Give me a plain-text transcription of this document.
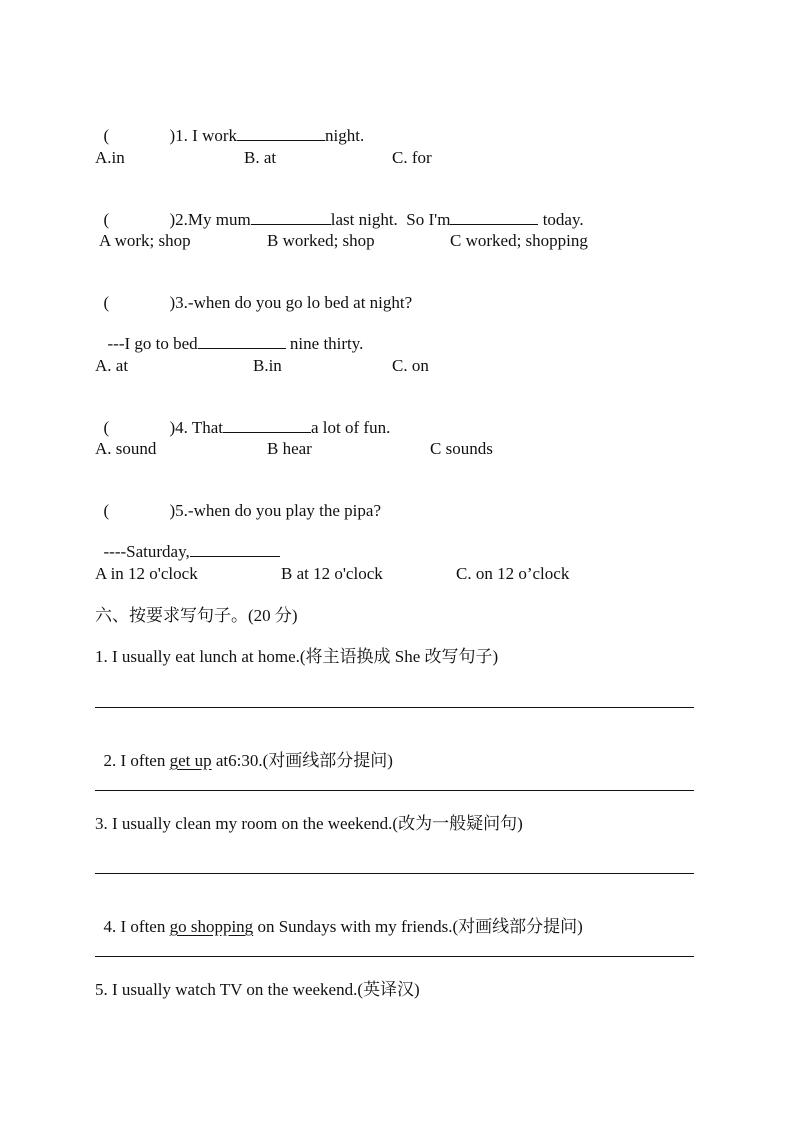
(	)1. I work	night.

A.in	B. at	C. for

(	)2.My mum	last night.  So I'm	today.

A work; shop	B worked; shop	C worked; shopping

(	)3.-when do you go lo bed at night?

---I go to bed	nine thirty.

A. at	B.in	C. on

(	)4. That	a lot of fun.

A. sound	B hear	C sounds

(	)5.-when do you play the pipa?

----Saturday,

A in 12 o'clock	B at 12 o'clock	C. on 12 o’clock
六、按要求写句子。(20 分)
1. I usually eat lunch at home.(将主语换成 She 改写句子)

2. I often get up at6:30.(对画线部分提问)

3. I usually clean my room on the weekend.(改为一般疑问句)

4. I often go shopping on Sundays with my friends.(对画线部分提问)

5. I usually watch TV on the weekend.(英译汉)
